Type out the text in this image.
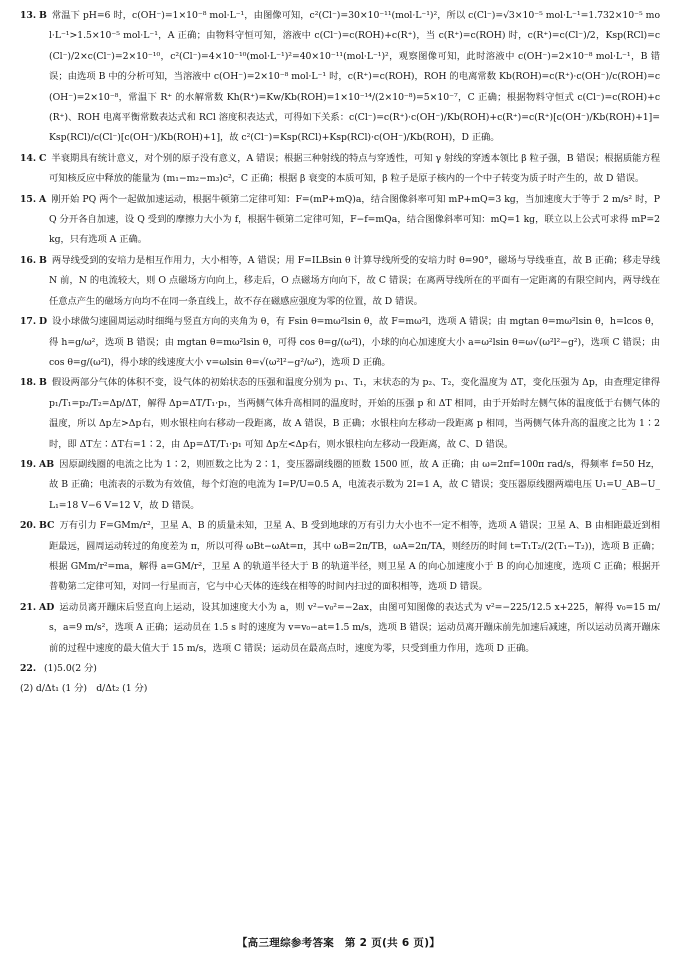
13. B 常温下 pH=6 时，c(OH⁻)=1×10⁻⁸ mol·L⁻¹，由图像可知，c²(Cl⁻)=30×10⁻¹¹(mol·L⁻¹)²，所以 c(Cl⁻)=√3×10⁻⁵ mol·L⁻¹=1.732×10⁻⁵ mol·L⁻¹>1.5×10⁻⁵ mol·L⁻¹，A 正确；由物料守恒可知，溶液中 c(Cl⁻)=c(ROH)+c(R⁺)，当 c(R⁺)=c(ROH) 时，c(R⁺)=c(Cl⁻)/2，Ksp(RCl)=c(Cl⁻)/2×c(Cl⁻)=2×10⁻¹⁰，c²(Cl⁻)=4×10⁻¹⁰(mol·L⁻¹)²=40×10⁻¹¹(mol·L⁻¹)²，观察图像可知，此时溶液中 c(OH⁻)=2×10⁻⁸ mol·L⁻¹，B 错误；由选项 B 中的分析可知，当溶液中 c(OH⁻)=2×10⁻⁸ mol·L⁻¹ 时，c(R⁺)=c(ROH)，ROH 的电离常数 Kb(ROH)=c(R⁺)·c(OH⁻)/c(ROH)=c(OH⁻)=2×10⁻⁸，常温下 R⁺ 的水解常数 Kh(R⁺)=Kw/Kb(ROH)=1×10⁻¹⁴/(2×10⁻⁸)=5×10⁻⁷，C 正确；根据物料守恒式 c(Cl⁻)=c(ROH)+c(R⁺)、ROH 电离平衡常数表达式和 RCl 溶度积表达式，可得如下关系：c(Cl⁻)=c(R⁺)·c(OH⁻)/Kb(ROH)+c(R⁺)=c(R⁺)[c(OH⁻)/Kb(ROH)+1]=Ksp(RCl)/c(Cl⁻)[c(OH⁻)/Kb(ROH)+1]，故 c²(Cl⁻)=Ksp(RCl)+Ksp(RCl)·c(OH⁻)/Kb(ROH)，D 正确。

14. C 半衰期具有统计意义，对个别的原子没有意义，A 错误；根据三种射线的特点与穿透性，可知 γ 射线的穿透本领比 β 粒子强，B 错误；根据质能方程可知核反应中释放的能量为 (m₁−m₂−m₃)c²，C 正确；根据 β 衰变的本质可知，β 粒子是原子核内的一个中子转变为质子时产生的，故 D 错误。

15. A 刚开始 PQ 两个一起做加速运动，根据牛顿第二定律可知：F=(mP+mQ)a，结合图像斜率可知 mP+mQ=3 kg，当加速度大于等于 2 m/s² 时，PQ 分开各自加速，设 Q 受到的摩擦力大小为 f，根据牛顿第二定律可知，F−f=mQa，结合图像斜率可知：mQ=1 kg，联立以上公式可求得 mP=2 kg，只有选项 A 正确。

16. B 两导线受到的安培力是相互作用力，大小相等，A 错误；用 F=ILBsin θ 计算导线所受的安培力时 θ=90°，磁场与导线垂直，故 B 正确；移走导线 N 前，N 的电流较大，则 O 点磁场方向向上，移走后，O 点磁场方向向下，故 C 错误；在离两导线所在的平面有一定距离的有限空间内，两导线在任意点产生的磁场方向均不在同一条直线上，故不存在磁感应强度为零的位置，故 D 错误。

17. D 设小球做匀速圆周运动时细绳与竖直方向的夹角为 θ，有 Fsin θ=mω²lsin θ，故 F=mω²l，选项 A 错误；由 mgtan θ=mω²lsin θ，h=lcos θ，得 h=g/ω²，选项 B 错误；由 mgtan θ=mω²lsin θ，可得 cos θ=g/(ω²l)，小球的向心加速度大小 a=ω²lsin θ=ω√(ω²l²−g²)，选项 C 错误；由 cos θ=g/(ω²l)，得小球的线速度大小 v=ωlsin θ=√(ω²l²−g²/ω²)，选项 D 正确。

18. B 假设两部分气体的体积不变，设气体的初始状态的压强和温度分别为 p₁、T₁，末状态的为 p₂、T₂，变化温度为 ΔT，变化压强为 Δp，由查理定律得 p₁/T₁=p₂/T₂=Δp/ΔT，解得 Δp=ΔT/T₁·p₁，当两侧气体升高相同的温度时，开始的压强 p 和 ΔT 相同，由于开始时左侧气体的温度低于右侧气体的温度，所以 Δp左>Δp右，则水银柱向右移动一段距离，故 A 错误，B 正确；水银柱向左移动一段距离 p 相同，当两侧气体升高的温度之比为 1∶2 时，即 ΔT左∶ΔT右=1∶2，由 Δp=ΔT/T₁·p₁ 可知 Δp左<Δp右，则水银柱向左移动一段距离，故 C、D 错误。

19. AB 因原副线圈的电流之比为 1∶2，则匝数之比为 2∶1，变压器副线圈的匝数 1500 匝，故 A 正确；由 ω=2πf=100π rad/s，得频率 f=50 Hz，故 B 正确；电流表的示数为有效值，每个灯泡的电流为 I=P/U=0.5 A，电流表示数为 2I=1 A，故 C 错误；变压器原线圈两端电压 U₁=U_AB−U_L₁=18 V−6 V=12 V，故 D 错误。

20. BC 万有引力 F=GMm/r²，卫星 A、B 的质量未知，卫星 A、B 受到地球的万有引力大小也不一定不相等，选项 A 错误；卫星 A、B 由相距最近到相距最远，圆周运动转过的角度差为 π，所以可得 ωBt−ωAt=π，其中 ωB=2π/TB，ωA=2π/TA，则经历的时间 t=T₁T₂/(2(T₁−T₂))，选项 B 正确；根据 GMm/r²=ma，解得 a=GM/r²，卫星 A 的轨道半径大于 B 的轨道半径，则卫星 A 的向心加速度小于 B 的向心加速度，选项 C 正确；根据开普勒第二定律可知，对同一行星而言，它与中心天体的连线在相等的时间内扫过的面积相等，选项 D 错误。

21. AD 运动员离开蹦床后竖直向上运动，设其加速度大小为 a，则 v²−v₀²=−2ax，由图可知图像的表达式为 v²=−225/12.5 x+225，解得 v₀=15 m/s，a=9 m/s²，选项 A 正确；运动员在 1.5 s 时的速度为 v=v₀−at=1.5 m/s，选项 B 错误；运动员离开蹦床前先加速后减速，所以运动员离开蹦床前的过程中速度的最大值大于 15 m/s，选项 C 错误；运动员在最高点时，速度为零，只受到重力作用，选项 D 正确。

22. (1)5.0(2 分)

(2) d/Δt₁ (1 分)　d/Δt₂ (1 分)

【高三理综参考答案　第 2 页(共 6 页)】
